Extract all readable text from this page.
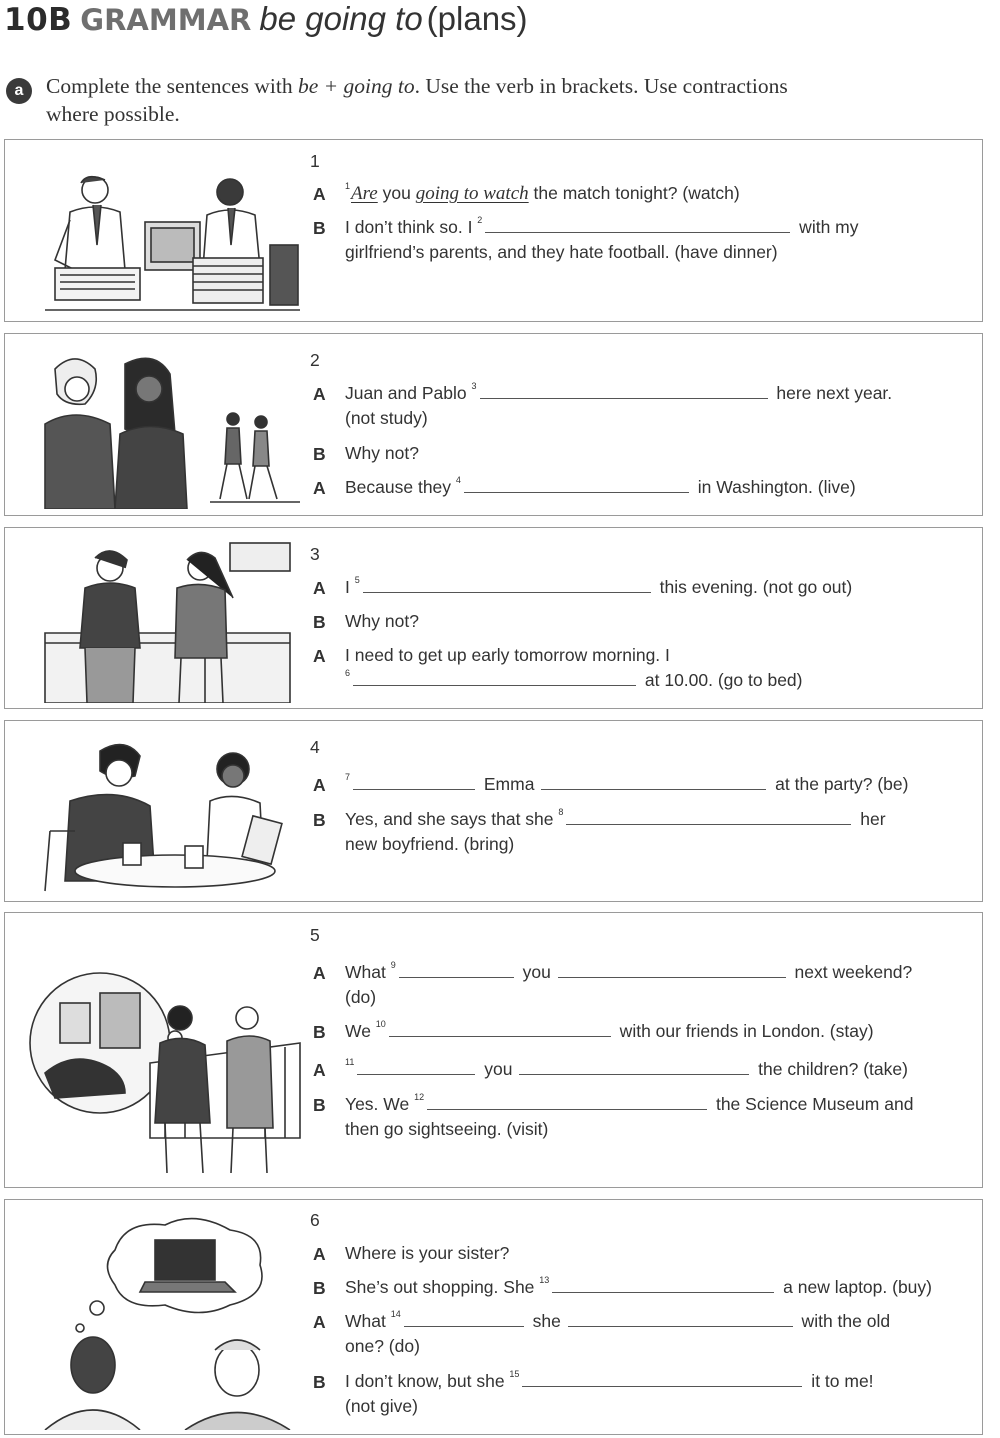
10B GRAMMAR be going to (plans)
a	Complete the sentences with be + going to. Use the verb in brackets. Use contractions
where possible.
1
A $^1$Are you going to watch the match tonight? (watch)
B I don’t think so. I $^2$	with my
girlfriend’s parents, and they hate football. (have dinner)
2
A Juan and Pablo $^3$	here next year.
(not study)
B Why not?
A Because they $^4$	in Washington. (live)
3
A I $^5$	this evening. (not go out)
B Why not?
A I need to get up early tomorrow morning. I
$^6$	at 10.00. (go to bed)
4
A $^7$	Emma	at the party? (be)
B Yes, and she says that she $^8$	her
new boyfriend. (bring)
5
A What $^9$	you	next weekend?
(do)
B We $^{10}$	with our friends in London. (stay)
A $^{11}$	you	the children? (take)
B Yes. We $^{12}$	the Science Museum and
then go sightseeing. (visit)
6
A Where is your sister?
B She’s out shopping. She $^{13}$	a new laptop. (buy)
A What $^{14}$	she	with the old
one? (do)
B I don’t know, but she $^{15}$	it to me!
(not give)
